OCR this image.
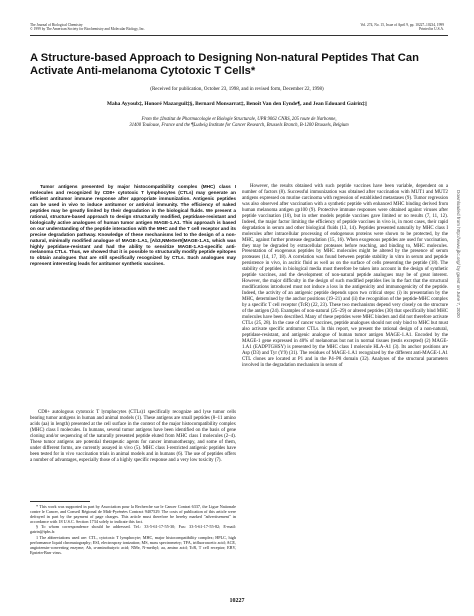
The Journal of Biological Chemistry
© 1999 by The American Society for Biochemistry and Molecular Biology, Inc.
Vol. 274, No. 15, Issue of April 9, pp. 10227–10234, 1999
Printed in U.S.A.
A Structure-based Approach to Designing Non-natural Peptides That Can Activate Anti-melanoma Cytotoxic T Cells*
(Received for publication, October 23, 1998, and in revised form, December 22, 1998)
Maha Ayyoub‡, Honoré Mazarguil‡§, Bernard Monsarrat‡, Benoît Van den Eynde¶, and Jean Edouard Gairin‡||
From the ‡Institut de Pharmacologie et Biologie Structurale, UPR 9062 CNRS, 205 route de Narbonne,
31400 Toulouse, France and the ¶Ludwig Institute for Cancer Research, Brussels Branch, B-1200 Brussels, Belgium

Tumor antigens presented by major histocompatibility complex (MHC) class I molecules and recognized by CD8+ cytotoxic T lymphocytes (CTLs) may generate an efficient antitumor immune response after appropriate immunization. Antigenic peptides can be used in vivo to induce antitumor or antiviral immunity. The efficiency of naked peptides may be greatly limited by their degradation in the biological fluids. We present a rational, structure-based approach to design structurally modified, peptidase-resistant and biologically active analogues of human tumor antigen MAGE-1.A1. This approach is based on our understanding of the peptide interaction with the MHC and the T cell receptor and its precise degradation pathway. Knowledge of these mechanisms led to the design of a non-natural, minimally modified analogue of MAGE-1.A1, [Ab3,NMeSer9]MAGE-1.A1, which was highly peptidase-resistant and had the ability to sensitize MAGE-1.A1-specific anti-melanoma CTLs. Thus, we showed that it is possible to structurally modify peptide epitopes to obtain analogues that are still specifically recognized by CTLs. Such analogues may represent interesting leads for antitumor synthetic vaccines.

CD8+ autologous cytotoxic T lymphocytes (CTLs)1 specifically recognize and lyse tumor cells bearing tumor antigens in human and animal models (1). These antigens are small peptides (8–11 amino acids (aa) in length) presented at the cell surface in the context of the major histocompatibility complex (MHC) class I molecules. In humans, several tumor antigens have been identified on the basis of gene cloning and/or sequencing of the naturally presented peptide eluted from MHC class I molecules (2–4). These tumor antigens are potential therapeutic agents for cancer immunotherapy, and some of them, under different forms, are currently assayed in vivo (5). MHC class I-restricted antigenic peptides have been tested for in vivo vaccination trials in animal models and in humans (6). The use of peptides offers a number of advantages, especially those of a highly specific response and a very low toxicity (7).

* This work was supported in part by Association pour la Recherche sur le Cancer Contrat 6337, the Ligue Nationale contre le Cancer, and Conseil Régional de Midi-Pyrénées Contract 9407529. The costs of publication of this article were defrayed in part by the payment of page charges. This article must therefore be hereby marked "advertisement" in accordance with 18 U.S.C. Section 1734 solely to indicate this fact.

§ To whom correspondence should be addressed. Tel.: 33-5-61-17-55-30; Fax: 33-5-61-17-55-82; E-mail: gairin@ipbs.fr.

1 The abbreviations used are: CTL, cytotoxic T lymphocyte; MHC, major histocompatibility complex; HPLC, high performance liquid chromatography; ESI, electrospray ionization; MS, mass spectrometry; TFA, trifluoroacetic acid; ACE, angiotensin-converting enzyme; Ab, α-aminobutyric acid; NMe, N-methyl; aa, amino acid; TcR, T cell receptor; EBV, Epstein-Barr virus.

However, the results obtained with such peptide vaccines have been variable, dependent on a number of factors (8). Successful immunization was obtained after vaccination with MUT1 and MUT2 antigens expressed on murine carcinoma with regression of established metastases (9). Tumor regression was also observed after vaccination with a synthetic peptide with enhanced MHC binding derived from human melanoma antigen gp100 (9). Protective immune responses were obtained against viruses after peptide vaccination (10), but in other models peptide vaccines gave limited or no results (7, 11, 12). Indeed, the major factor limiting the efficiency of peptide vaccines in vivo is, in most cases, their rapid degradation in serum and other biological fluids (13, 14). Peptides presented naturally by MHC class I molecules after intracellular processing of endogenous proteins were shown to be protected, by the MHC, against further protease degradation (15, 16). When exogenous peptides are used for vaccination, they may be degraded by extracellular proteases before reaching, and binding to, MHC molecules. Presentation of exogenous peptides by MHC molecules might be altered by the presence of serum proteases (14, 17, 18). A correlation was found between peptide stability in vitro in serum and peptide persistence in vivo, in ascitic fluid as well as on the surface of cells presenting the peptide (18). The stability of peptides in biological media must therefore be taken into account in the design of synthetic peptide vaccines, and the development of non-natural peptide analogues may be of great interest. However, the major difficulty in the design of such modified peptides lies in the fact that the structural modifications introduced must not induce a loss in the antigenicity and immunogenicity of the peptide. Indeed, the activity of an antigenic peptide depends upon two critical steps: (i) its presentation by the MHC, determined by the anchor positions (19–21) and (ii) the recognition of the peptide-MHC complex by a specific T cell receptor (TcR) (22, 23). These two mechanisms depend very closely on the structure of the antigen (24). Examples of non-natural (25–29) or altered peptides (30) that specifically bind MHC molecules have been described. Many of these peptides were MHC binders and did not therefore activate CTLs (25, 28). In the case of cancer vaccines, peptide analogues should not only bind to MHC but must also activate specific antitumor CTLs. In this report, we present the rational design of a non-natural, peptidase-resistant, and antigenic analogue of human tumor antigen MAGE-1.A1. Encoded by the MAGE-1 gene expressed in 40% of melanomas but not in normal tissues (testis excepted) (2) MAGE-1.A1 (EADPTGHSY) is presented by the MHC class I molecule HLA-A1 (3). Its anchor positions are Asp (D3) and Tyr (Y9) (31). The residues of MAGE-1.A1 recognized by the different anti-MAGE-1.A1 CTL clones are located at P1 and in the P4–P8 domain (32). Analyses of the structural parameters involved in the degradation mechanism in serum of

Downloaded from http://www.jbc.org/ by guest on June 7, 2020
10227
